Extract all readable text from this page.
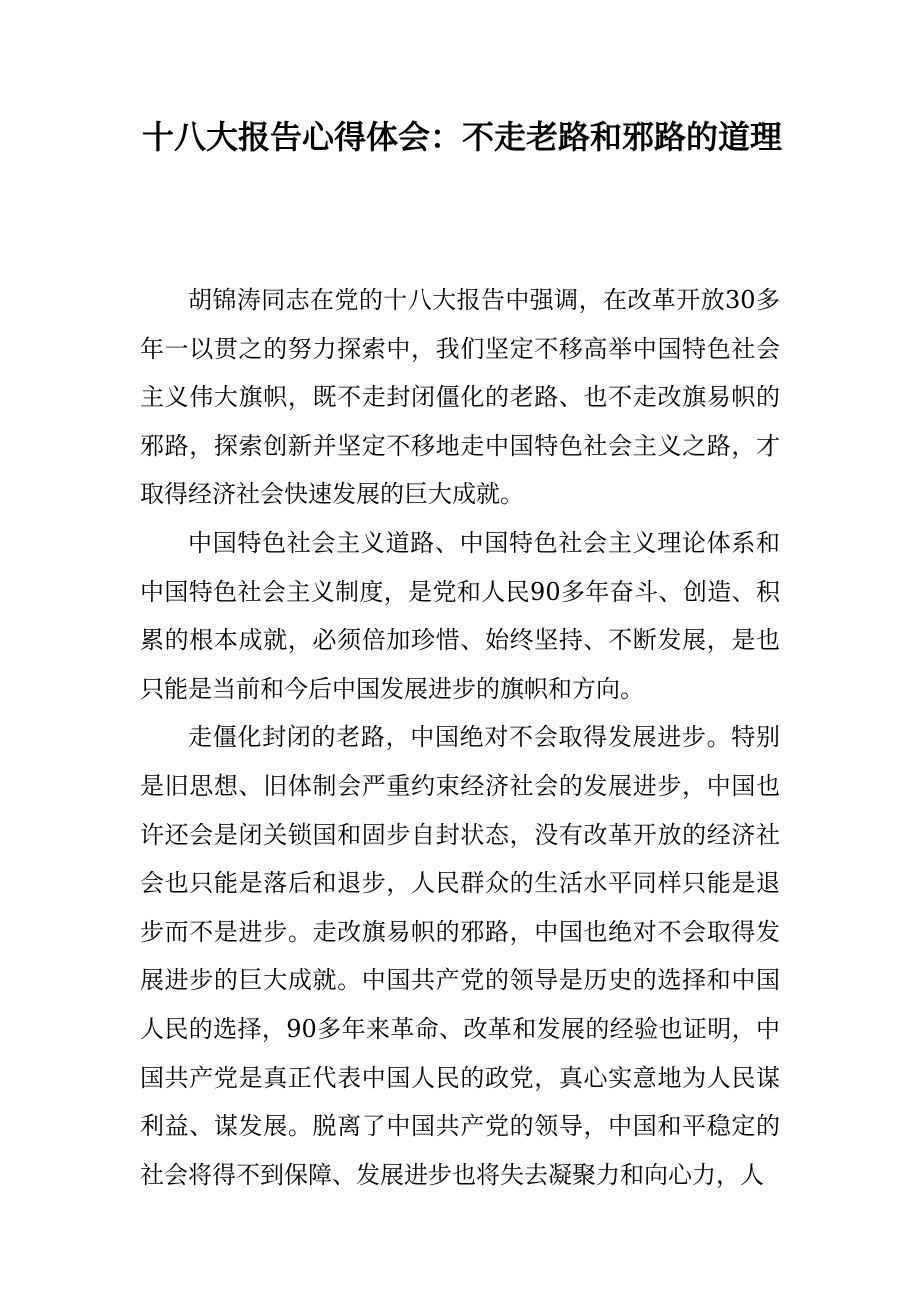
十八大报告心得体会：不走老路和邪路的道理

胡锦涛同志在党的十八大报告中强调，在改革开放30多年一以贯之的努力探索中，我们坚定不移高举中国特色社会主义伟大旗帜，既不走封闭僵化的老路、也不走改旗易帜的邪路，探索创新并坚定不移地走中国特色社会主义之路，才取得经济社会快速发展的巨大成就。

中国特色社会主义道路、中国特色社会主义理论体系和中国特色社会主义制度，是党和人民90多年奋斗、创造、积累的根本成就，必须倍加珍惜、始终坚持、不断发展，是也只能是当前和今后中国发展进步的旗帜和方向。

走僵化封闭的老路，中国绝对不会取得发展进步。特别是旧思想、旧体制会严重约束经济社会的发展进步，中国也许还会是闭关锁国和固步自封状态，没有改革开放的经济社会也只能是落后和退步，人民群众的生活水平同样只能是退步而不是进步。走改旗易帜的邪路，中国也绝对不会取得发展进步的巨大成就。中国共产党的领导是历史的选择和中国人民的选择，90多年来革命、改革和发展的经验也证明，中国共产党是真正代表中国人民的政党，真心实意地为人民谋利益、谋发展。脱离了中国共产党的领导，中国和平稳定的社会将得不到保障、发展进步也将失去凝聚力和向心力，人
